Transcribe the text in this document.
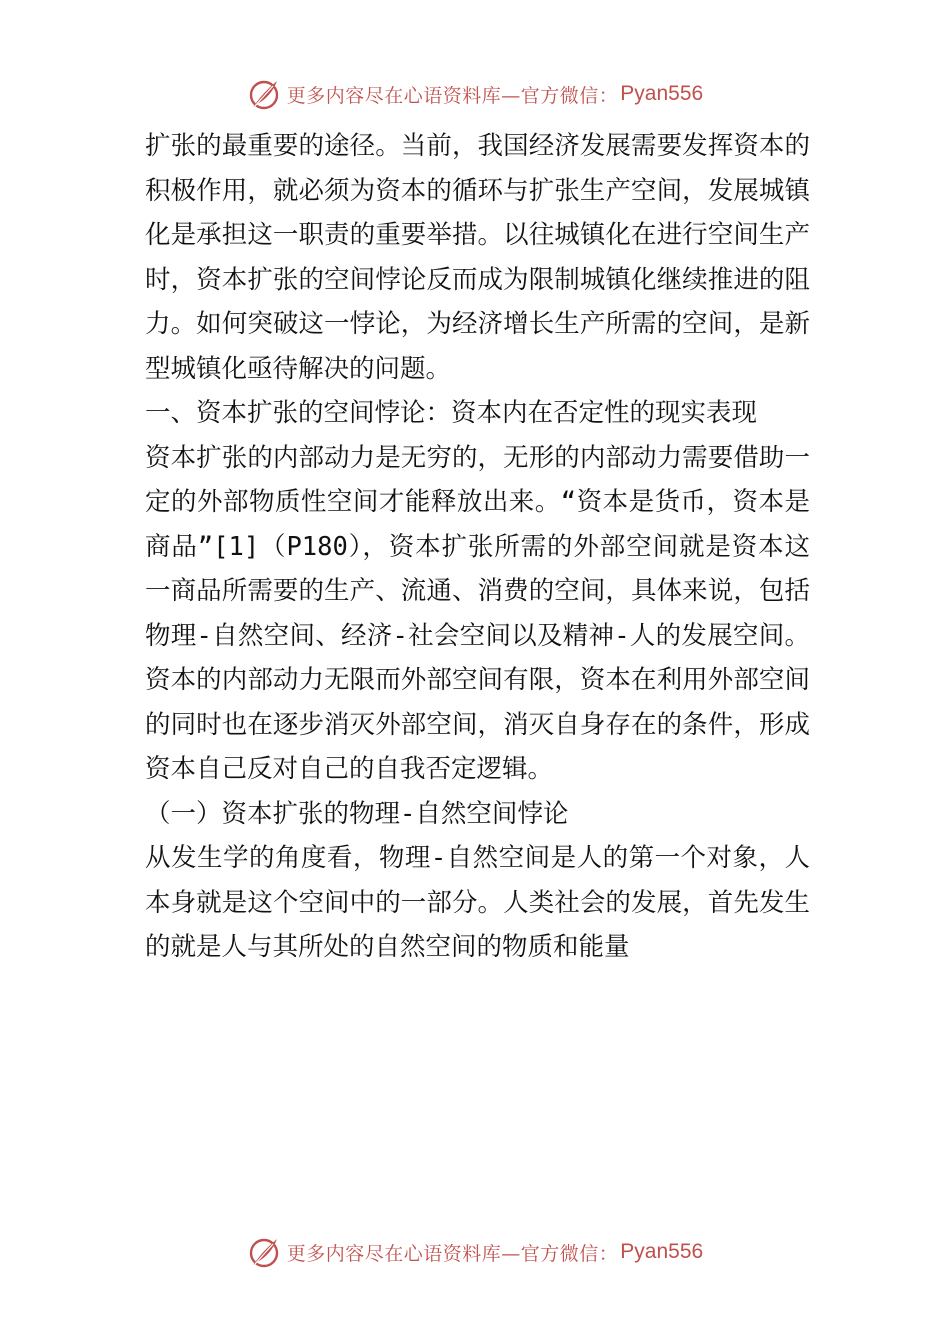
更多内容尽在心语资料库—官方微信： Pyan556

扩张的最重要的途径。当前，我国经济发展需要发挥资本的积极作用，就必须为资本的循环与扩张生产空间，发展城镇化是承担这一职责的重要举措。以往城镇化在进行空间生产时，资本扩张的空间悖论反而成为限制城镇化继续推进的阻力。如何突破这一悖论，为经济增长生产所需的空间，是新型城镇化亟待解决的问题。

一、资本扩张的空间悖论：资本内在否定性的现实表现

资本扩张的内部动力是无穷的，无形的内部动力需要借助一定的外部物质性空间才能释放出来。“资本是货币，资本是商品”[1]（P180），资本扩张所需的外部空间就是资本这一商品所需要的生产、流通、消费的空间，具体来说，包括物理-自然空间、经济-社会空间以及精神-人的发展空间。资本的内部动力无限而外部空间有限，资本在利用外部空间的同时也在逐步消灭外部空间，消灭自身存在的条件，形成资本自己反对自己的自我否定逻辑。

（一）资本扩张的物理-自然空间悖论

从发生学的角度看，物理-自然空间是人的第一个对象，人本身就是这个空间中的一部分。人类社会的发展，首先发生的就是人与其所处的自然空间的物质和能量

更多内容尽在心语资料库—官方微信： Pyan556
